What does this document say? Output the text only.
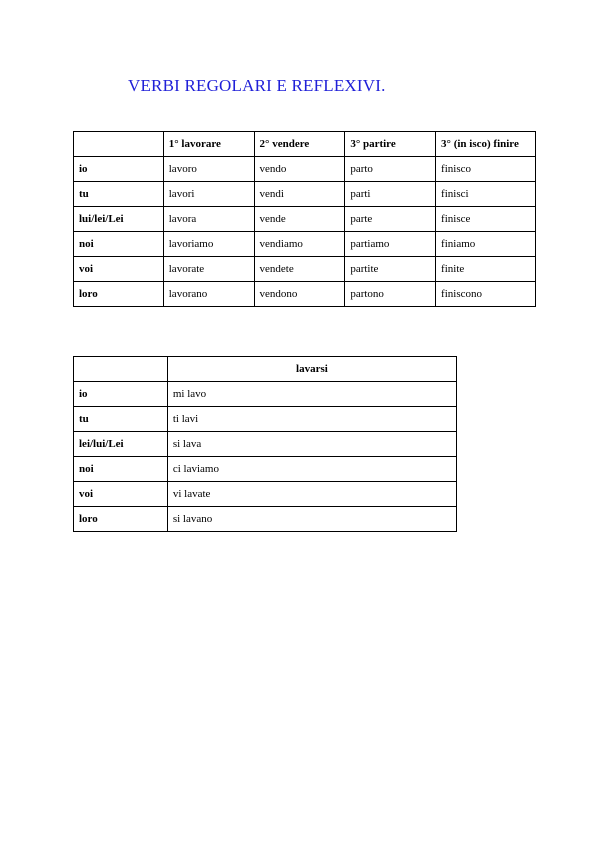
VERBI REGOLARI E REFLEXIVI.
	1° lavorare	2° vendere	3° partire	3° (in isco) finire
io	lavoro	vendo	parto	finisco
tu	lavori	vendi	parti	finisci
lui/lei/Lei	lavora	vende	parte	finisce
noi	lavoriamo	vendiamo	partiamo	finiamo
voi	lavorate	vendete	partite	finite
loro	lavorano	vendono	partono	finiscono
	lavarsi
io	mi lavo
tu	ti lavi
lei/lui/Lei	si lava
noi	ci laviamo
voi	vi lavate
loro	si lavano
